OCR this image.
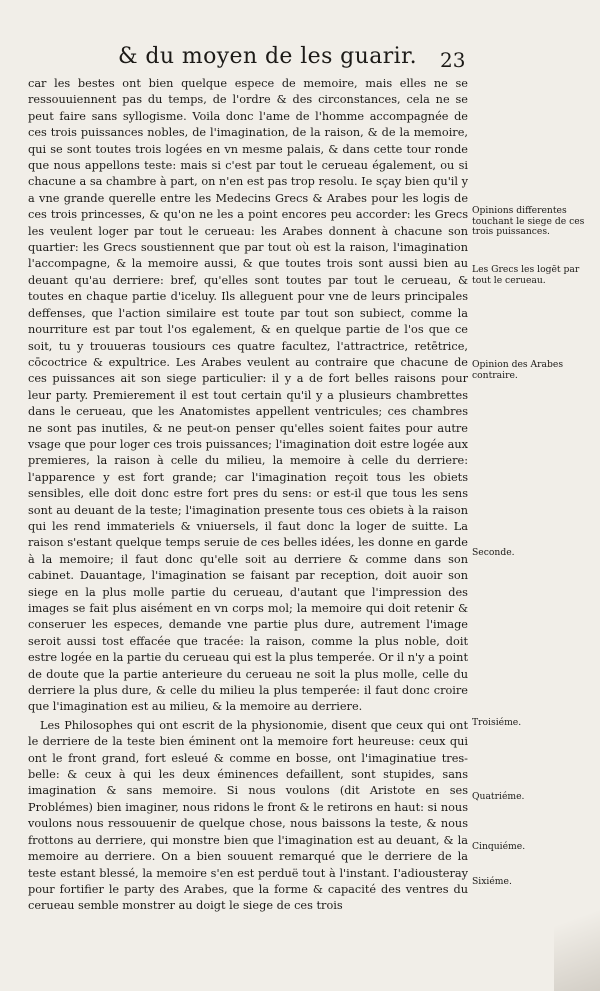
& du moyen de les guarir. 23

car les bestes ont bien quelque espece de memoire, mais elles ne se ressouuiennent pas du temps, de l'ordre & des circonstances, cela ne se peut faire sans syllogisme. Voila donc l'ame de l'homme accompagnée de ces trois puissances nobles, de l'imagination, de la raison, & de la memoire, qui se sont toutes trois logées en vn mesme palais, & dans cette tour ronde que nous appellons teste: mais si c'est par tout le cerueau également, ou si chacune a sa chambre à part, on n'en est pas trop resolu. Ie sçay bien qu'il y a vne grande querelle entre les Medecins Grecs & Arabes pour les logis de ces trois princesses, & qu'on ne les a point encores peu accorder: les Grecs les veulent loger par tout le cerueau: les Arabes donnent à chacune son quartier: les Grecs soustiennent que par tout où est la raison, l'imagination l'accompagne, & la memoire aussi, & que toutes trois sont aussi bien au deuant qu'au derriere: bref, qu'elles sont toutes par tout le cerueau, & toutes en chaque partie d'iceluy. Ils alleguent pour vne de leurs principales deffenses, que l'action similaire est toute par tout son subiect, comme la nourriture est par tout l'os egalement, & en quelque partie de l'os que ce soit, tu y trouueras tousiours ces quatre facultez, l'attractrice, retētrice, cōcoctrice & expultrice. Les Arabes veulent au contraire que chacune de ces puissances ait son siege particulier: il y a de fort belles raisons pour leur party. Premierement il est tout certain qu'il y a plusieurs chambrettes dans le cerueau, que les Anatomistes appellent ventricules; ces chambres ne sont pas inutiles, & ne peut-on penser qu'elles soient faites pour autre vsage que pour loger ces trois puissances; l'imagination doit estre logée aux premieres, la raison à celle du milieu, la memoire à celle du derriere: l'apparence y est fort grande; car l'imagination reçoit tous les obiets sensibles, elle doit donc estre fort pres du sens: or est-il que tous les sens sont au deuant de la teste; l'imagination presente tous ces obiets à la raison qui les rend immateriels & vniuersels, il faut donc la loger de suitte. La raison s'estant quelque temps seruie de ces belles idées, les donne en garde à la memoire; il faut donc qu'elle soit au derriere & comme dans son cabinet. Dauantage, l'imagination se faisant par reception, doit auoir son siege en la plus molle partie du cerueau, d'autant que l'impression des images se fait plus aisément en vn corps mol; la memoire qui doit retenir & conseruer les especes, demande vne partie plus dure, autrement l'image seroit aussi tost effacée que tracée: la raison, comme la plus noble, doit estre logée en la partie du cerueau qui est la plus temperée. Or il n'y a point de doute que la partie anterieure du cerueau ne soit la plus molle, celle du derriere la plus dure, & celle du milieu la plus temperée: il faut donc croire que l'imagination est au milieu, & la memoire au derriere.

Les Philosophes qui ont escrit de la physionomie, disent que ceux qui ont le derriere de la teste bien éminent ont la memoire fort heureuse: ceux qui ont le front grand, fort esleué & comme en bosse, ont l'imaginatiue tres-belle: & ceux à qui les deux éminences defaillent, sont stupides, sans imagination & sans memoire. Si nous voulons (dit Aristote en ses Problémes) bien imaginer, nous ridons le front & le retirons en haut: si nous voulons nous ressouuenir de quelque chose, nous baissons la teste, & nous frottons au derriere, qui monstre bien que l'imagination est au deuant, & la memoire au derriere. On a bien souuent remarqué que le derriere de la teste estant blessé, la memoire s'en est perduë tout à l'instant. I'adiousteray pour fortifier le party des Arabes, que la forme & capacité des ventres du cerueau semble monstrer au doigt le siege de ces trois

Opinions differentes touchant le siege de ces trois puissances.
Les Grecs les logēt par tout le cerueau.
Opinion des Arabes contraire.
Seconde.
Troisiéme.
Quatriéme.
Cinquiéme.
Sixiéme.
